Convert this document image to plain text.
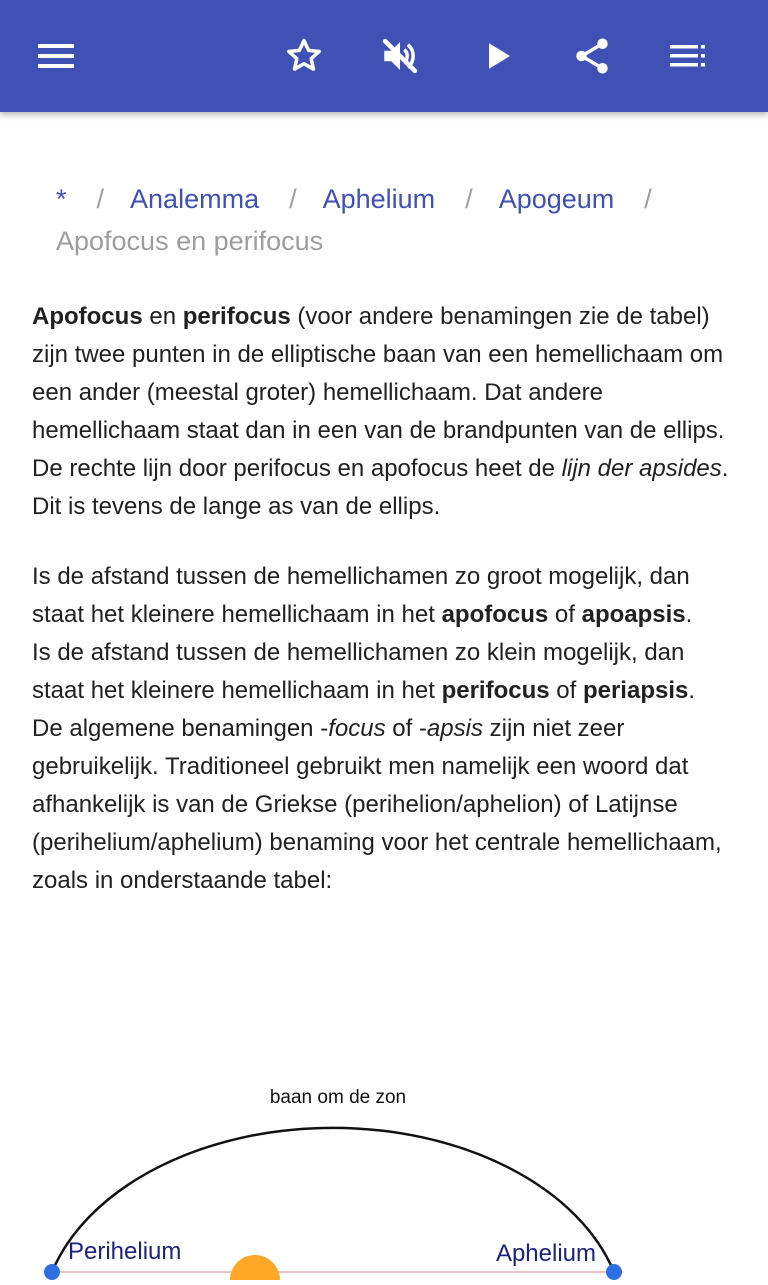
* / Analemma / Aphelium / Apogeum /
Apofocus en perifocus

Apofocus en perifocus (voor andere benamingen zie de tabel) zijn twee punten in de elliptische baan van een hemellichaam om een ander (meestal groter) hemellichaam. Dat andere hemellichaam staat dan in een van de brandpunten van de ellips. De rechte lijn door perifocus en apofocus heet de lijn der apsides. Dit is tevens de lange as van de ellips.

Is de afstand tussen de hemellichamen zo groot mogelijk, dan staat het kleinere hemellichaam in het apofocus of apoapsis.

Is de afstand tussen de hemellichamen zo klein mogelijk, dan staat het kleinere hemellichaam in het perifocus of periapsis.

De algemene benamingen -focus of -apsis zijn niet zeer gebruikelijk. Traditioneel gebruikt men namelijk een woord dat afhankelijk is van de Griekse (perihelion/aphelion) of Latijnse (perihelium/aphelium) benaming voor het centrale hemellichaam, zoals in onderstaande tabel:

baan om de zon
Perihelium	Aphelium
